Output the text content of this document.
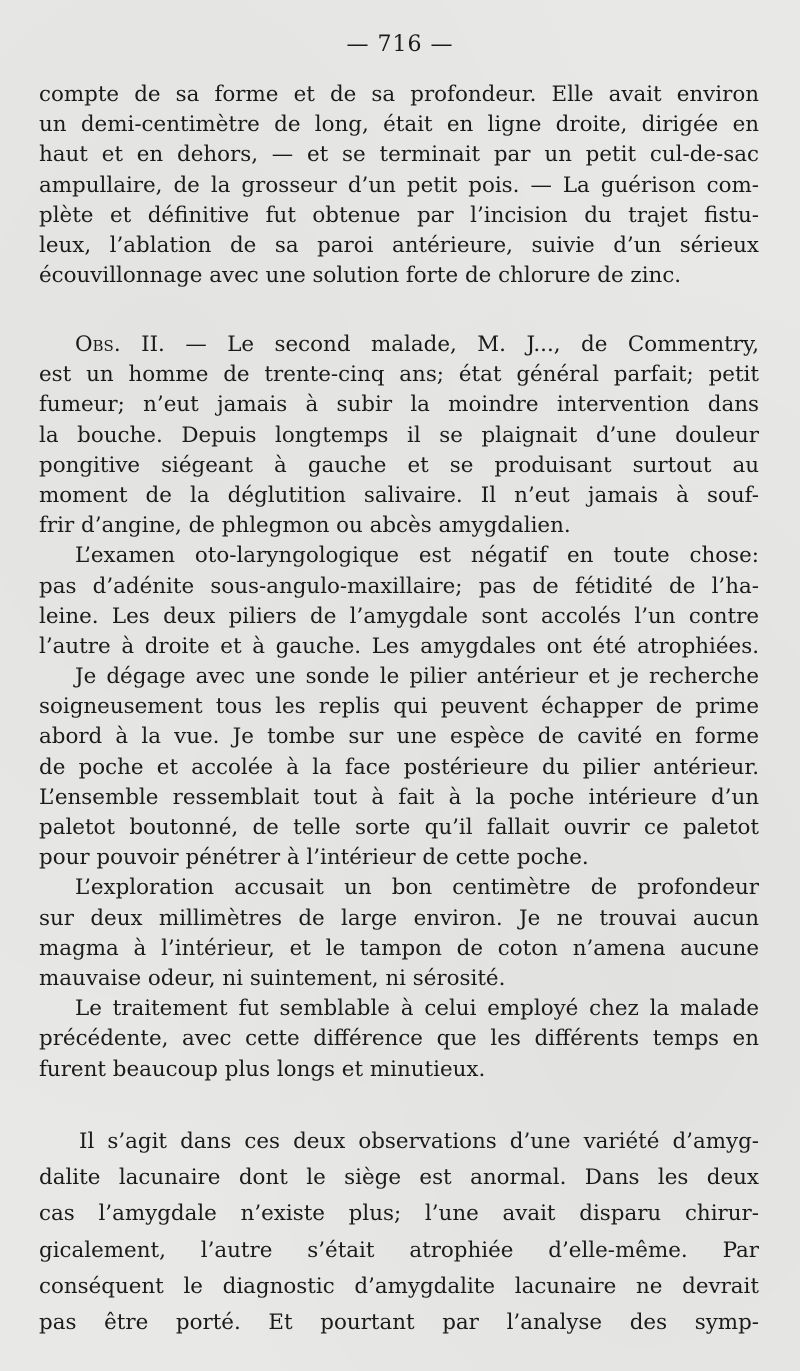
— 716 —
compte de sa forme et de sa profondeur. Elle avait environ
un demi-centimètre de long, était en ligne droite, dirigée en
haut et en dehors, — et se terminait par un petit cul-de-sac
ampullaire, de la grosseur d’un petit pois. — La guérison com-
plète et définitive fut obtenue par l’incision du trajet fistu-
leux, l’ablation de sa paroi antérieure, suivie d’un sérieux
écouvillonnage avec une solution forte de chlorure de zinc.
Obs. II. — Le second malade, M. J..., de Commentry,
est un homme de trente-cinq ans; état général parfait; petit
fumeur; n’eut jamais à subir la moindre intervention dans
la bouche. Depuis longtemps il se plaignait d’une douleur
pongitive siégeant à gauche et se produisant surtout au
moment de la déglutition salivaire. Il n’eut jamais à souf-
frir d’angine, de phlegmon ou abcès amygdalien.
L’examen oto-laryngologique est négatif en toute chose:
pas d’adénite sous-angulo-maxillaire; pas de fétidité de l’ha-
leine. Les deux piliers de l’amygdale sont accolés l’un contre
l’autre à droite et à gauche. Les amygdales ont été atrophiées.
Je dégage avec une sonde le pilier antérieur et je recherche
soigneusement tous les replis qui peuvent échapper de prime
abord à la vue. Je tombe sur une espèce de cavité en forme
de poche et accolée à la face postérieure du pilier antérieur.
L’ensemble ressemblait tout à fait à la poche intérieure d’un
paletot boutonné, de telle sorte qu’il fallait ouvrir ce paletot
pour pouvoir pénétrer à l’intérieur de cette poche.
L’exploration accusait un bon centimètre de profondeur
sur deux millimètres de large environ. Je ne trouvai aucun
magma à l’intérieur, et le tampon de coton n’amena aucune
mauvaise odeur, ni suintement, ni sérosité.
Le traitement fut semblable à celui employé chez la malade
précédente, avec cette différence que les différents temps en
furent beaucoup plus longs et minutieux.
Il s’agit dans ces deux observations d’une variété d’amyg-
dalite lacunaire dont le siège est anormal. Dans les deux
cas l’amygdale n’existe plus; l’une avait disparu chirur-
gicalement, l’autre s’était atrophiée d’elle-même. Par
conséquent le diagnostic d’amygdalite lacunaire ne devrait
pas être porté. Et pourtant par l’analyse des symp-
